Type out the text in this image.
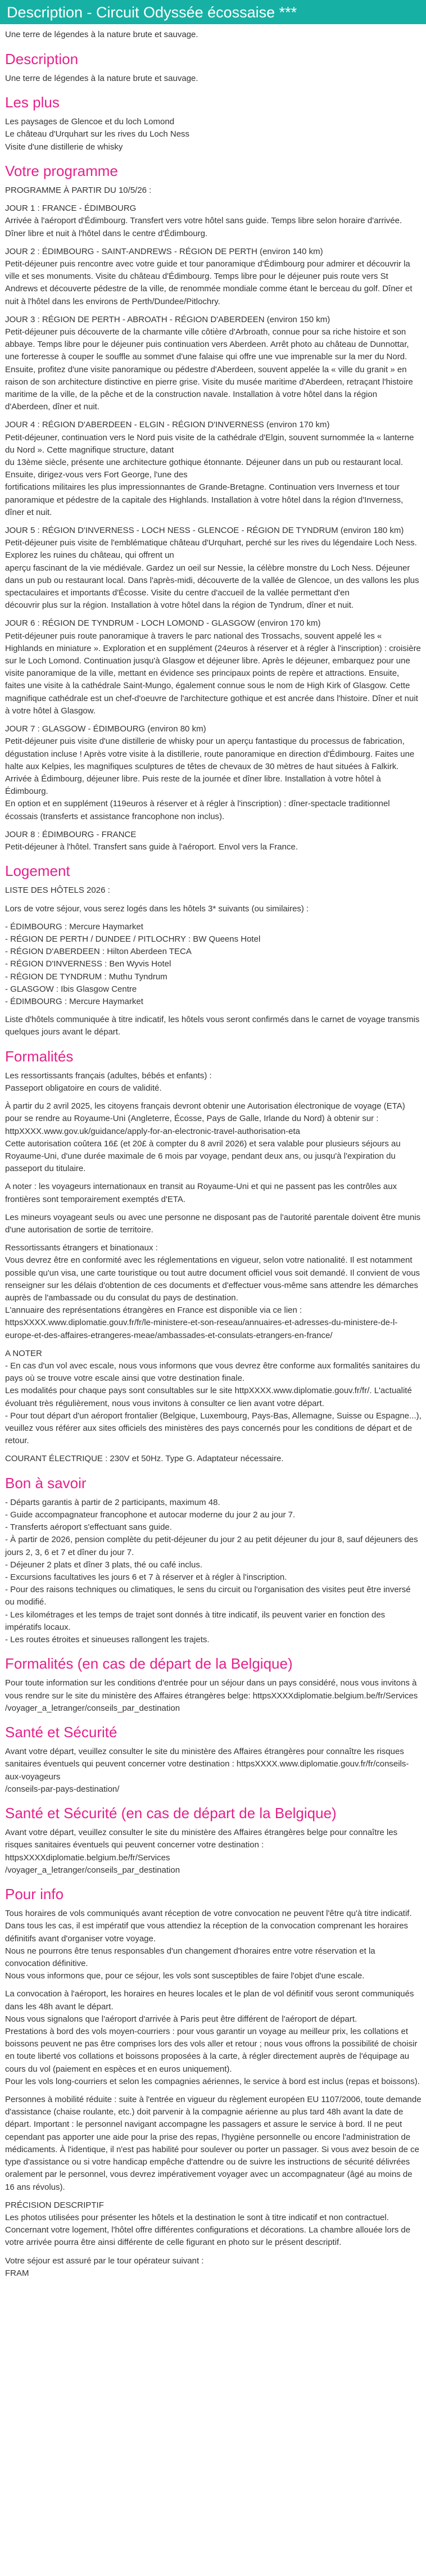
Description - Circuit Odyssée écossaise ***

Une terre de légendes à la nature brute et sauvage.

Description

Une terre de légendes à la nature brute et sauvage.

Les plus

Les paysages de Glencoe et du loch Lomond

Le château d'Urquhart sur les rives du Loch Ness

Visite d'une distillerie de whisky

Votre programme

PROGRAMME À PARTIR DU 10/5/26 :

JOUR 1 : FRANCE - ÉDIMBOURG

Arrivée à l'aéroport d'Édimbourg. Transfert vers votre hôtel sans guide. Temps libre selon horaire d'arrivée. Dîner libre et nuit à l'hôtel dans le centre d'Édimbourg.

JOUR 2 : ÉDIMBOURG - SAINT-ANDREWS - RÉGION DE PERTH (environ 140 km)

Petit-déjeuner puis rencontre avec votre guide et tour panoramique d'Édimbourg pour admirer et découvrir la ville et ses monuments. Visite du château d'Édimbourg. Temps libre pour le déjeuner puis route vers St Andrews et découverte pédestre de la ville, de renommée mondiale comme étant le berceau du golf. Dîner et nuit à l'hôtel dans les environs de Perth/Dundee/Pitlochry.

JOUR 3 : RÉGION DE PERTH - ABROATH - RÉGION D'ABERDEEN (environ 150 km)

Petit-déjeuner puis découverte de la charmante ville côtière d'Arbroath, connue pour sa riche histoire et son abbaye. Temps libre pour le déjeuner puis continuation vers Aberdeen. Arrêt photo au château de Dunnottar, une forteresse à couper le souffle au sommet d'une falaise qui offre une vue imprenable sur la mer du Nord. Ensuite, profitez d'une visite panoramique ou pédestre d'Aberdeen, souvent appelée la « ville du granit » en raison de son architecture distinctive en pierre grise. Visite du musée maritime d'Aberdeen, retraçant l'histoire maritime de la ville, de la pêche et de la construction navale. Installation à votre hôtel dans la région d'Aberdeen, dîner et nuit.

JOUR 4 : RÉGION D'ABERDEEN - ELGIN - RÉGION D'INVERNESS (environ 170 km)

Petit-déjeuner, continuation vers le Nord puis visite de la cathédrale d'Elgin, souvent surnommée la « lanterne du Nord ». Cette magnifique structure, datant
du 13ème siècle, présente une architecture gothique étonnante. Déjeuner dans un pub ou restaurant local. Ensuite, dirigez-vous vers Fort George, l'une des
fortifications militaires les plus impressionnantes de Grande-Bretagne. Continuation vers Inverness et tour panoramique et pédestre de la capitale des Highlands. Installation à votre hôtel dans la région d'Inverness, dîner et nuit.

JOUR 5 : RÉGION D'INVERNESS - LOCH NESS - GLENCOE - RÉGION DE TYNDRUM (environ 180 km)

Petit-déjeuner puis visite de l'emblématique château d'Urquhart, perché sur les rives du légendaire Loch Ness. Explorez les ruines du château, qui offrent un
aperçu fascinant de la vie médiévale. Gardez un oeil sur Nessie, la célèbre monstre du Loch Ness. Déjeuner dans un pub ou restaurant local. Dans l'après-midi, découverte de la vallée de Glencoe, un des vallons les plus spectaculaires et importants d'Écosse. Visite du centre d'accueil de la vallée permettant d'en
découvrir plus sur la région. Installation à votre hôtel dans la région de Tyndrum, dîner et nuit.

JOUR 6 : RÉGION DE TYNDRUM - LOCH LOMOND - GLASGOW (environ 170 km)

Petit-déjeuner puis route panoramique à travers le parc national des Trossachs, souvent appelé les « Highlands en miniature ». Exploration et en supplément (24euros à réserver et à régler à l'inscription) : croisière sur le Loch Lomond. Continuation jusqu'à Glasgow et déjeuner libre. Après le déjeuner, embarquez pour une visite panoramique de la ville, mettant en évidence ses principaux points de repère et attractions. Ensuite, faites une visite à la cathédrale Saint-Mungo, également connue sous le nom de High Kirk of Glasgow. Cette magnifique cathédrale est un chef-d'oeuvre de l'architecture gothique et est ancrée dans l'histoire. Dîner et nuit à votre hôtel à Glasgow.

JOUR 7 : GLASGOW - ÉDIMBOURG (environ 80 km)

Petit-déjeuner puis visite d'une distillerie de whisky pour un aperçu fantastique du processus de fabrication, dégustation incluse ! Après votre visite à la distillerie, route panoramique en direction d'Édimbourg. Faites une halte aux Kelpies, les magnifiques sculptures de têtes de chevaux de 30 mètres de haut situées à Falkirk. Arrivée à Édimbourg, déjeuner libre. Puis reste de la journée et dîner libre. Installation à votre hôtel à Édimbourg.
En option et en supplément (119euros à réserver et à régler à l'inscription) : dîner-spectacle traditionnel écossais (transferts et assistance francophone non inclus).

JOUR 8 : ÉDIMBOURG - FRANCE

Petit-déjeuner à l'hôtel. Transfert sans guide à l'aéroport. Envol vers la France.

Logement

LISTE DES HÔTELS 2026 :

Lors de votre séjour, vous serez logés dans les hôtels 3* suivants (ou similaires) :

- ÉDIMBOURG : Mercure Haymarket

- RÉGION DE PERTH / DUNDEE / PITLOCHRY : BW Queens Hotel

- RÉGION D'ABERDEEN : Hilton Aberdeen TECA

- RÉGION D'INVERNESS : Ben Wyvis Hotel

- RÉGION DE TYNDRUM : Muthu Tyndrum

- GLASGOW : Ibis Glasgow Centre

- ÉDIMBOURG : Mercure Haymarket

Liste d'hôtels communiquée à titre indicatif, les hôtels vous seront confirmés dans le carnet de voyage transmis quelques jours avant le départ.

Formalités

Les ressortissants français (adultes, bébés et enfants) :
Passeport obligatoire en cours de validité.

À partir du 2 avril 2025, les citoyens français devront obtenir une Autorisation électronique de voyage (ETA) pour se rendre au Royaume-Uni (Angleterre, Écosse, Pays de Galle, Irlande du Nord) à obtenir sur :
httpXXXX.www.gov.uk/guidance/apply-for-an-electronic-travel-authorisation-eta
Cette autorisation coûtera 16£ (et 20£ à compter du 8 avril 2026) et sera valable pour plusieurs séjours au Royaume-Uni, d'une durée maximale de 6 mois par voyage, pendant deux ans, ou jusqu'à l'expiration du passeport du titulaire.

A noter : les voyageurs internationaux en transit au Royaume-Uni et qui ne passent pas les contrôles aux frontières sont temporairement exemptés d'ETA.

Les mineurs voyageant seuls ou avec une personne ne disposant pas de l'autorité parentale doivent être munis d'une autorisation de sortie de territoire.

Ressortissants étrangers et binationaux :
Vous devrez être en conformité avec les réglementations en vigueur, selon votre nationalité. Il est notamment possible qu'un visa, une carte touristique ou tout autre document officiel vous soit demandé. Il convient de vous renseigner sur les délais d'obtention de ces documents et d'effectuer vous-même sans attendre les démarches auprès de l'ambassade ou du consulat du pays de destination.
L'annuaire des représentations étrangères en France est disponible via ce lien :
httpsXXXX.www.diplomatie.gouv.fr/fr/le-ministere-et-son-reseau/annuaires-et-adresses-du-ministere-de-l-europe-et-des-affaires-etrangeres-meae/ambassades-et-consulats-etrangers-en-france/

A NOTER
- En cas d'un vol avec escale, nous vous informons que vous devrez être conforme aux formalités sanitaires du pays où se trouve votre escale ainsi que votre destination finale.
Les modalités pour chaque pays sont consultables sur le site httpXXXX.www.diplomatie.gouv.fr/fr/. L'actualité évoluant très régulièrement, nous vous invitons à consulter ce lien avant votre départ.
- Pour tout départ d'un aéroport frontalier (Belgique, Luxembourg, Pays-Bas, Allemagne, Suisse ou Espagne...), veuillez vous référer aux sites officiels des ministères des pays concernés pour les conditions de départ et de retour.

COURANT ÉLECTRIQUE : 230V et 50Hz. Type G. Adaptateur nécessaire.

Bon à savoir

- Départs garantis à partir de 2 participants, maximum 48.

- Guide accompagnateur francophone et autocar moderne du jour 2 au jour 7.

- Transferts aéroport s'effectuant sans guide.

- À partir de 2026, pension complète du petit-déjeuner du jour 2 au petit déjeuner du jour 8, sauf déjeuners des jours 2, 3, 6 et 7 et dîner du jour 7.

- Déjeuner 2 plats et dîner 3 plats, thé ou café inclus.

- Excursions facultatives les jours 6 et 7 à réserver et à régler à l'inscription.

- Pour des raisons techniques ou climatiques, le sens du circuit ou l'organisation des visites peut être inversé ou modifié.

- Les kilométrages et les temps de trajet sont donnés à titre indicatif, ils peuvent varier en fonction des impératifs locaux.

- Les routes étroites et sinueuses rallongent les trajets.

Formalités (en cas de départ de la Belgique)

Pour toute information sur les conditions d'entrée pour un séjour dans un pays considéré, nous vous invitons à vous rendre sur le site du ministère des Affaires étrangères belge: httpsXXXXdiplomatie.belgium.be/fr/Services
/voyager_a_letranger/conseils_par_destination

Santé et Sécurité

Avant votre départ, veuillez consulter le site du ministère des Affaires étrangères pour connaître les risques sanitaires éventuels qui peuvent concerner votre destination : httpsXXXX.www.diplomatie.gouv.fr/fr/conseils-aux-voyageurs
/conseils-par-pays-destination/

Santé et Sécurité (en cas de départ de la Belgique)

Avant votre départ, veuillez consulter le site du ministère des Affaires étrangères belge pour connaître les risques sanitaires éventuels qui peuvent concerner votre destination : httpsXXXXdiplomatie.belgium.be/fr/Services
/voyager_a_letranger/conseils_par_destination

Pour info

Tous horaires de vols communiqués avant réception de votre convocation ne peuvent l'être qu'à titre indicatif.
Dans tous les cas, il est impératif que vous attendiez la réception de la convocation comprenant les horaires définitifs avant d'organiser votre voyage.
Nous ne pourrons être tenus responsables d'un changement d'horaires entre votre réservation et la convocation définitive.
Nous vous informons que, pour ce séjour, les vols sont susceptibles de faire l'objet d'une escale.

La convocation à l'aéroport, les horaires en heures locales et le plan de vol définitif vous seront communiqués dans les 48h avant le départ.
Nous vous signalons que l'aéroport d'arrivée à Paris peut être différent de l'aéroport de départ.
Prestations à bord des vols moyen-courriers : pour vous garantir un voyage au meilleur prix, les collations et boissons peuvent ne pas être comprises lors des vols aller et retour ; nous vous offrons la possibilité de choisir en toute liberté vos collations et boissons proposées à la carte, à régler directement auprès de l'équipage au cours du vol (paiement en espèces et en euros uniquement).
Pour les vols long-courriers et selon les compagnies aériennes, le service à bord est inclus (repas et boissons).

Personnes à mobilité réduite : suite à l'entrée en vigueur du règlement européen EU 1107/2006, toute demande d'assistance (chaise roulante, etc.) doit parvenir à la compagnie aérienne au plus tard 48h avant la date de départ. Important : le personnel navigant accompagne les passagers et assure le service à bord. Il ne peut cependant pas apporter une aide pour la prise des repas, l'hygiène personnelle ou encore l'administration de médicaments. À l'identique, il n'est pas habilité pour soulever ou porter un passager. Si vous avez besoin de ce type d'assistance ou si votre handicap empêche d'attendre ou de suivre les instructions de sécurité délivrées oralement par le personnel, vous devrez impérativement voyager avec un accompagnateur (âgé au moins de 16 ans révolus).

PRÉCISION DESCRIPTIF
Les photos utilisées pour présenter les hôtels et la destination le sont à titre indicatif et non contractuel. Concernant votre logement, l'hôtel offre différentes configurations et décorations. La chambre allouée lors de votre arrivée pourra être ainsi différente de celle figurant en photo sur le présent descriptif.

Votre séjour est assuré par le tour opérateur suivant :
FRAM
